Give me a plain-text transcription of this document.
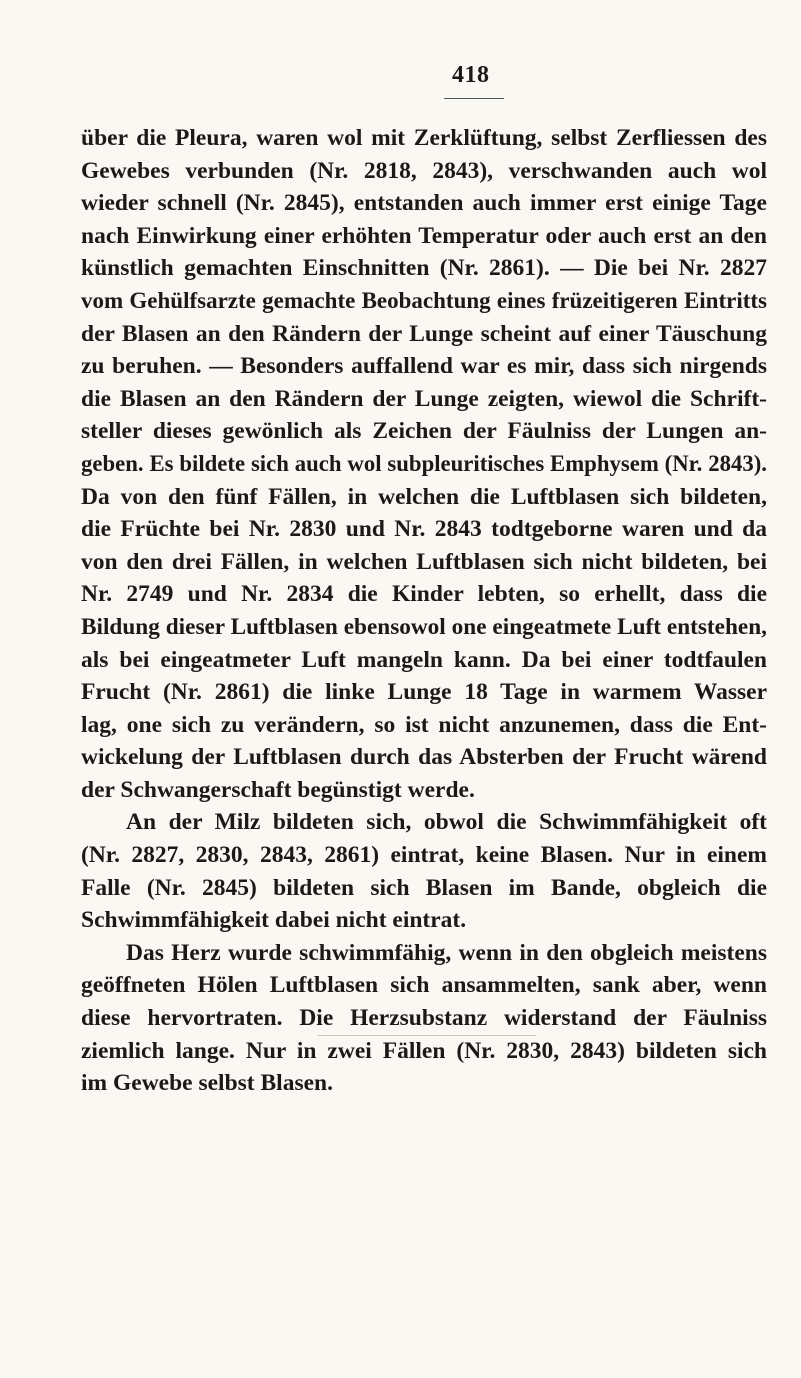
418
über die Pleura, waren wol mit Zerklüftung, selbst Zerfliessen des
Gewebes verbunden (Nr. 2818, 2843), verschwanden auch wol
wieder schnell (Nr. 2845), entstanden auch immer erst einige Tage
nach Einwirkung einer erhöhten Temperatur oder auch erst an den
künstlich gemachten Einschnitten (Nr. 2861). — Die bei Nr. 2827
vom Gehülfsarzte gemachte Beobachtung eines früzeitigeren Eintritts
der Blasen an den Rändern der Lunge scheint auf einer Täuschung
zu beruhen. — Besonders auffallend war es mir, dass sich nirgends
die Blasen an den Rändern der Lunge zeigten, wiewol die Schrift-
steller dieses gewönlich als Zeichen der Fäulniss der Lungen an-
geben. Es bildete sich auch wol subpleuritisches Emphysem (Nr. 2843).
Da von den fünf Fällen, in welchen die Luftblasen sich bildeten,
die Früchte bei Nr. 2830 und Nr. 2843 todtgeborne waren und da
von den drei Fällen, in welchen Luftblasen sich nicht bildeten, bei
Nr. 2749 und Nr. 2834 die Kinder lebten, so erhellt, dass die
Bildung dieser Luftblasen ebensowol one eingeatmete Luft entstehen,
als bei eingeatmeter Luft mangeln kann. Da bei einer todtfaulen
Frucht (Nr. 2861) die linke Lunge 18 Tage in warmem Wasser
lag, one sich zu verändern, so ist nicht anzunemen, dass die Ent-
wickelung der Luftblasen durch das Absterben der Frucht wärend
der Schwangerschaft begünstigt werde.
An der Milz bildeten sich, obwol die Schwimmfähigkeit oft
(Nr. 2827, 2830, 2843, 2861) eintrat, keine Blasen. Nur in einem
Falle (Nr. 2845) bildeten sich Blasen im Bande, obgleich die
Schwimmfähigkeit dabei nicht eintrat.
Das Herz wurde schwimmfähig, wenn in den obgleich meistens
geöffneten Hölen Luftblasen sich ansammelten, sank aber, wenn
diese hervortraten. Die Herzsubstanz widerstand der Fäulniss
ziemlich lange. Nur in zwei Fällen (Nr. 2830, 2843) bildeten sich
im Gewebe selbst Blasen.
